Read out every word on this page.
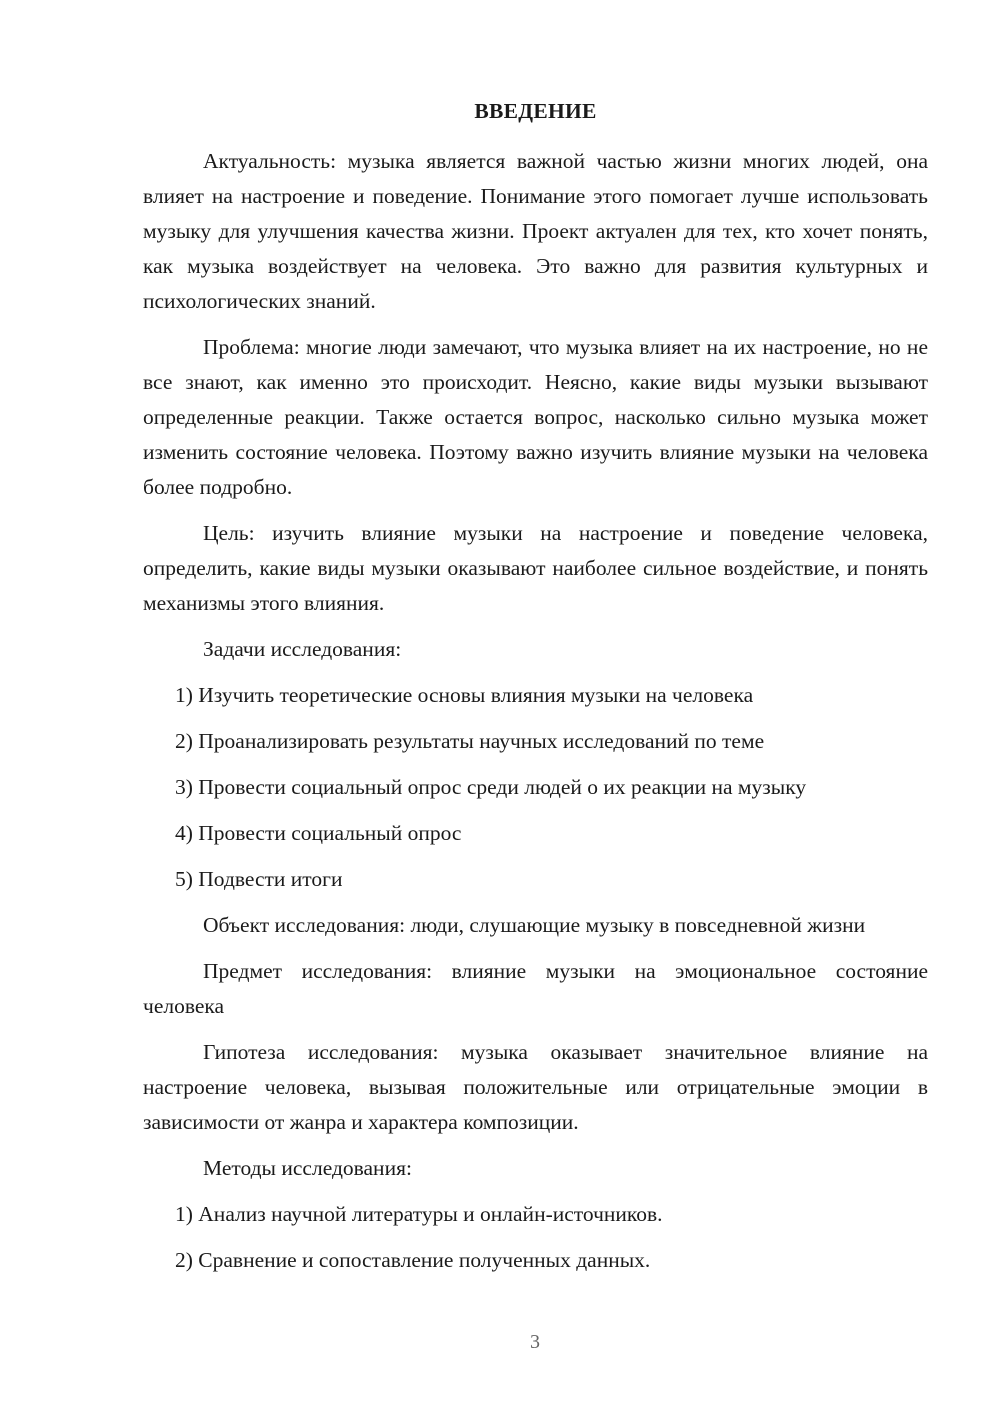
ВВЕДЕНИЕ

Актуальность: музыка является важной частью жизни многих людей, она влияет на настроение и поведение. Понимание этого помогает лучше использовать музыку для улучшения качества жизни. Проект актуален для тех, кто хочет понять, как музыка воздействует на человека. Это важно для развития культурных и психологических знаний.

Проблема: многие люди замечают, что музыка влияет на их настроение, но не все знают, как именно это происходит. Неясно, какие виды музыки вызывают определенные реакции. Также остается вопрос, насколько сильно музыка может изменить состояние человека. Поэтому важно изучить влияние музыки на человека более подробно.

Цель: изучить влияние музыки на настроение и поведение человека, определить, какие виды музыки оказывают наиболее сильное воздействие, и понять механизмы этого влияния.

Задачи исследования:

1) Изучить теоретические основы влияния музыки на человека
2) Проанализировать результаты научных исследований по теме
3) Провести социальный опрос среди людей о их реакции на музыку
4) Провести социальный опрос
5) Подвести итоги

Объект исследования: люди, слушающие музыку в повседневной жизни

Предмет исследования: влияние музыки на эмоциональное состояние человека

Гипотеза исследования: музыка оказывает значительное влияние на настроение человека, вызывая положительные или отрицательные эмоции в зависимости от жанра и характера композиции.

Методы исследования:

1) Анализ научной литературы и онлайн-источников.
2) Сравнение и сопоставление полученных данных.
3
